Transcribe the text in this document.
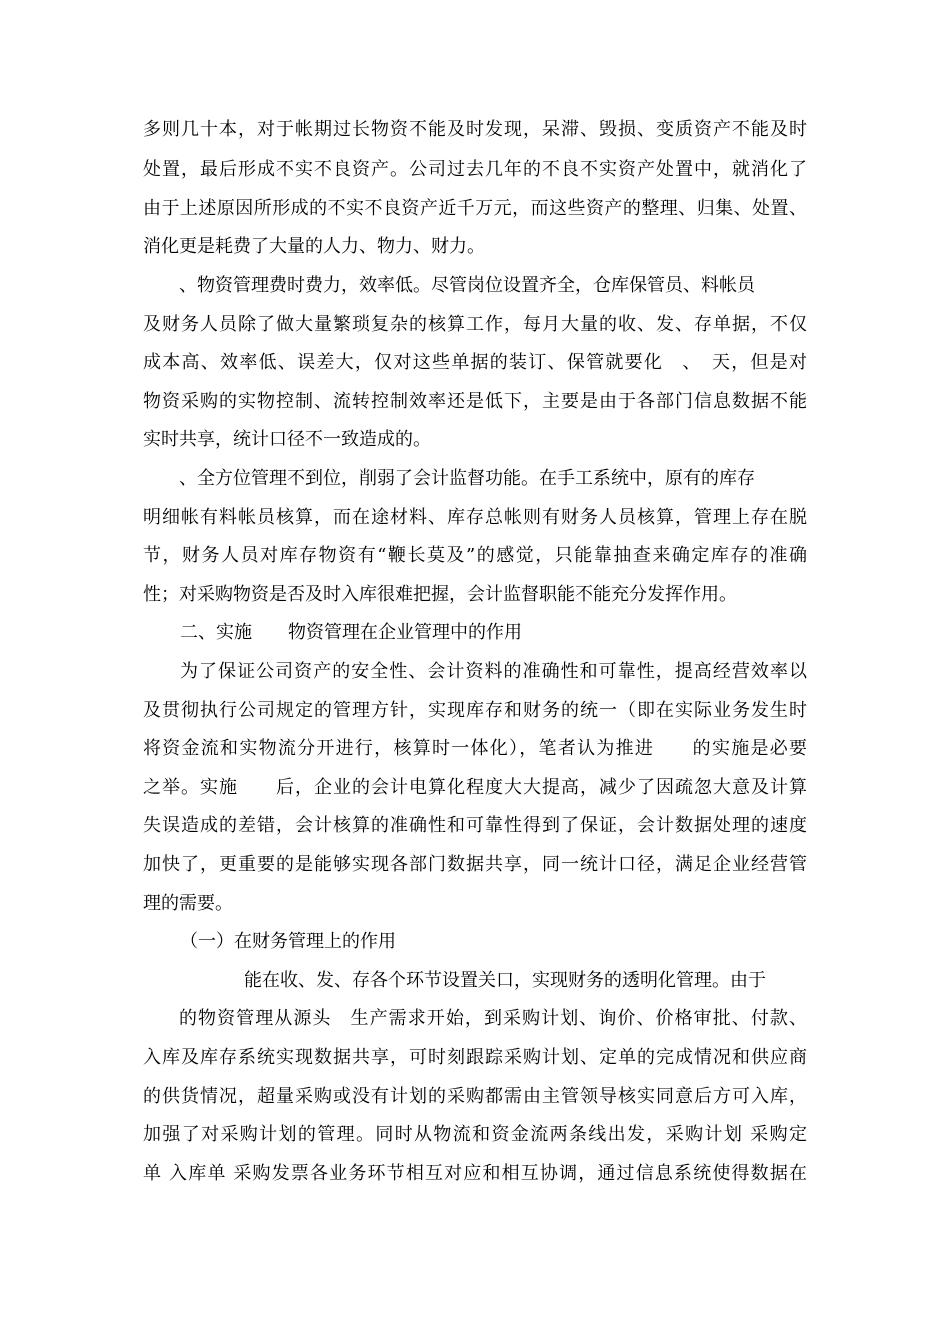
多则几十本，对于帐期过长物资不能及时发现，呆滞、毁损、变质资产不能及时
处置，最后形成不实不良资产。公司过去几年的不良不实资产处置中，就消化了
由于上述原因所形成的不实不良资产近千万元，而这些资产的整理、归集、处置、
消化更是耗费了大量的人力、物力、财力。
、物资管理费时费力，效率低。尽管岗位设置齐全，仓库保管员、料帐员
及财务人员除了做大量繁琐复杂的核算工作，每月大量的收、发、存单据，不仅
成本高、效率低、误差大，仅对这些单据的装订、保管就要化　、　天，但是对
物资采购的实物控制、流转控制效率还是低下，主要是由于各部门信息数据不能
实时共享，统计口径不一致造成的。
、全方位管理不到位，削弱了会计监督功能。在手工系统中，原有的库存
明细帐有料帐员核算，而在途材料、库存总帐则有财务人员核算，管理上存在脱
节，财务人员对库存物资有“鞭长莫及”的感觉，只能靠抽查来确定库存的准确
性；对采购物资是否及时入库很难把握，会计监督职能不能充分发挥作用。
二、实施　　物资管理在企业管理中的作用
为了保证公司资产的安全性、会计资料的准确性和可靠性，提高经营效率以
及贯彻执行公司规定的管理方针，实现库存和财务的统一（即在实际业务发生时
将资金流和实物流分开进行，核算时一体化），笔者认为推进　　的实施是必要
之举。实施　　后，企业的会计电算化程度大大提高，减少了因疏忽大意及计算
失误造成的差错，会计核算的准确性和可靠性得到了保证，会计数据处理的速度
加快了，更重要的是能够实现各部门数据共享，同一统计口径，满足企业经营管
理的需要。
（一）在财务管理上的作用
能在收、发、存各个环节设置关口，实现财务的透明化管理。由于
的物资管理从源头　生产需求开始，到采购计划、询价、价格审批、付款、
入库及库存系统实现数据共享，可时刻跟踪采购计划、定单的完成情况和供应商
的供货情况，超量采购或没有计划的采购都需由主管领导核实同意后方可入库，
加强了对采购计划的管理。同时从物流和资金流两条线出发，采购计划 采购定
单 入库单 采购发票各业务环节相互对应和相互协调，通过信息系统使得数据在
